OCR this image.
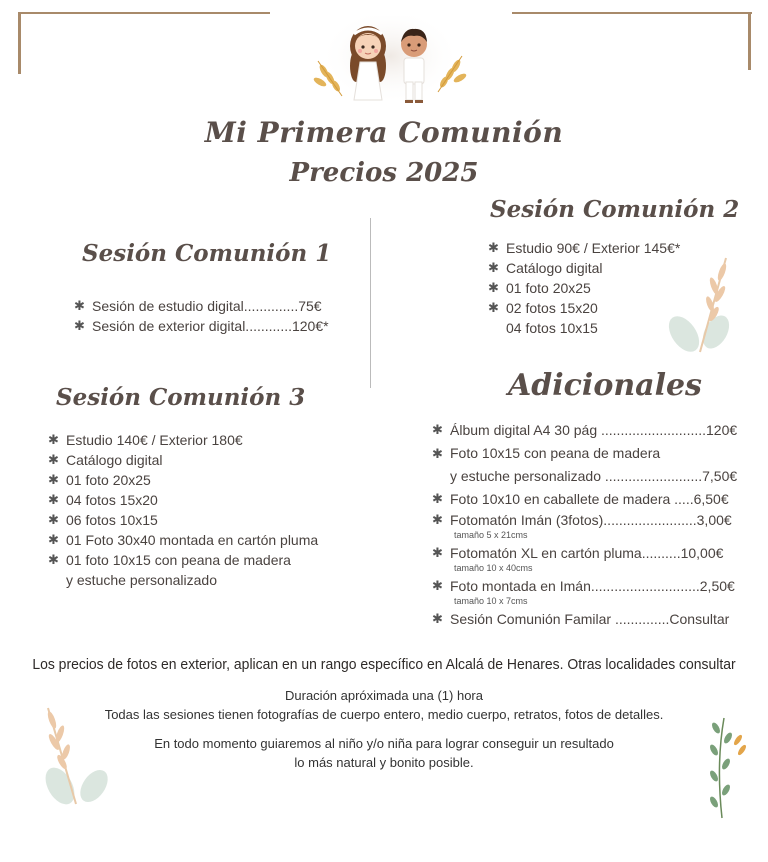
Mi Primera Comunión
Precios 2025
Sesión Comunión 1
✱ Sesión de estudio digital..............75€
✱ Sesión de exterior digital............120€*
Sesión Comunión 2
✱ Estudio 90€ / Exterior 145€*
✱ Catálogo digital
✱ 01 foto 20x25
✱ 02 fotos 15x20
04 fotos 10x15
Sesión Comunión 3
✱ Estudio 140€ / Exterior 180€
✱ Catálogo digital
✱ 01 foto 20x25
✱ 04 fotos 15x20
✱ 06 fotos 10x15
✱ 01 Foto 30x40 montada en cartón pluma
✱ 01 foto 10x15 con peana de madera
y estuche personalizado
Adicionales
✱ Álbum digital A4 30 pág ...........................120€
✱ Foto 10x15 con peana de madera
y estuche personalizado .........................7,50€
✱ Foto 10x10 en caballete de madera .....6,50€
✱ Fotomatón Imán (3fotos)........................3,00€
tamaño 5 x 21cms
✱ Fotomatón XL en cartón pluma..........10,00€
tamaño 10 x 40cms
✱ Foto montada en Imán............................2,50€
tamaño 10 x 7cms
✱ Sesión Comunión Familar ..............Consultar
Los precios de fotos en exterior, aplican en un rango específico en Alcalá de Henares. Otras localidades consultar
Duración apróximada una (1) hora
Todas las sesiones tienen fotografías de cuerpo entero, medio cuerpo, retratos, fotos de detalles.
En todo momento guiaremos al niño y/o niña para lograr conseguir un resultado
lo más natural y bonito posible.
